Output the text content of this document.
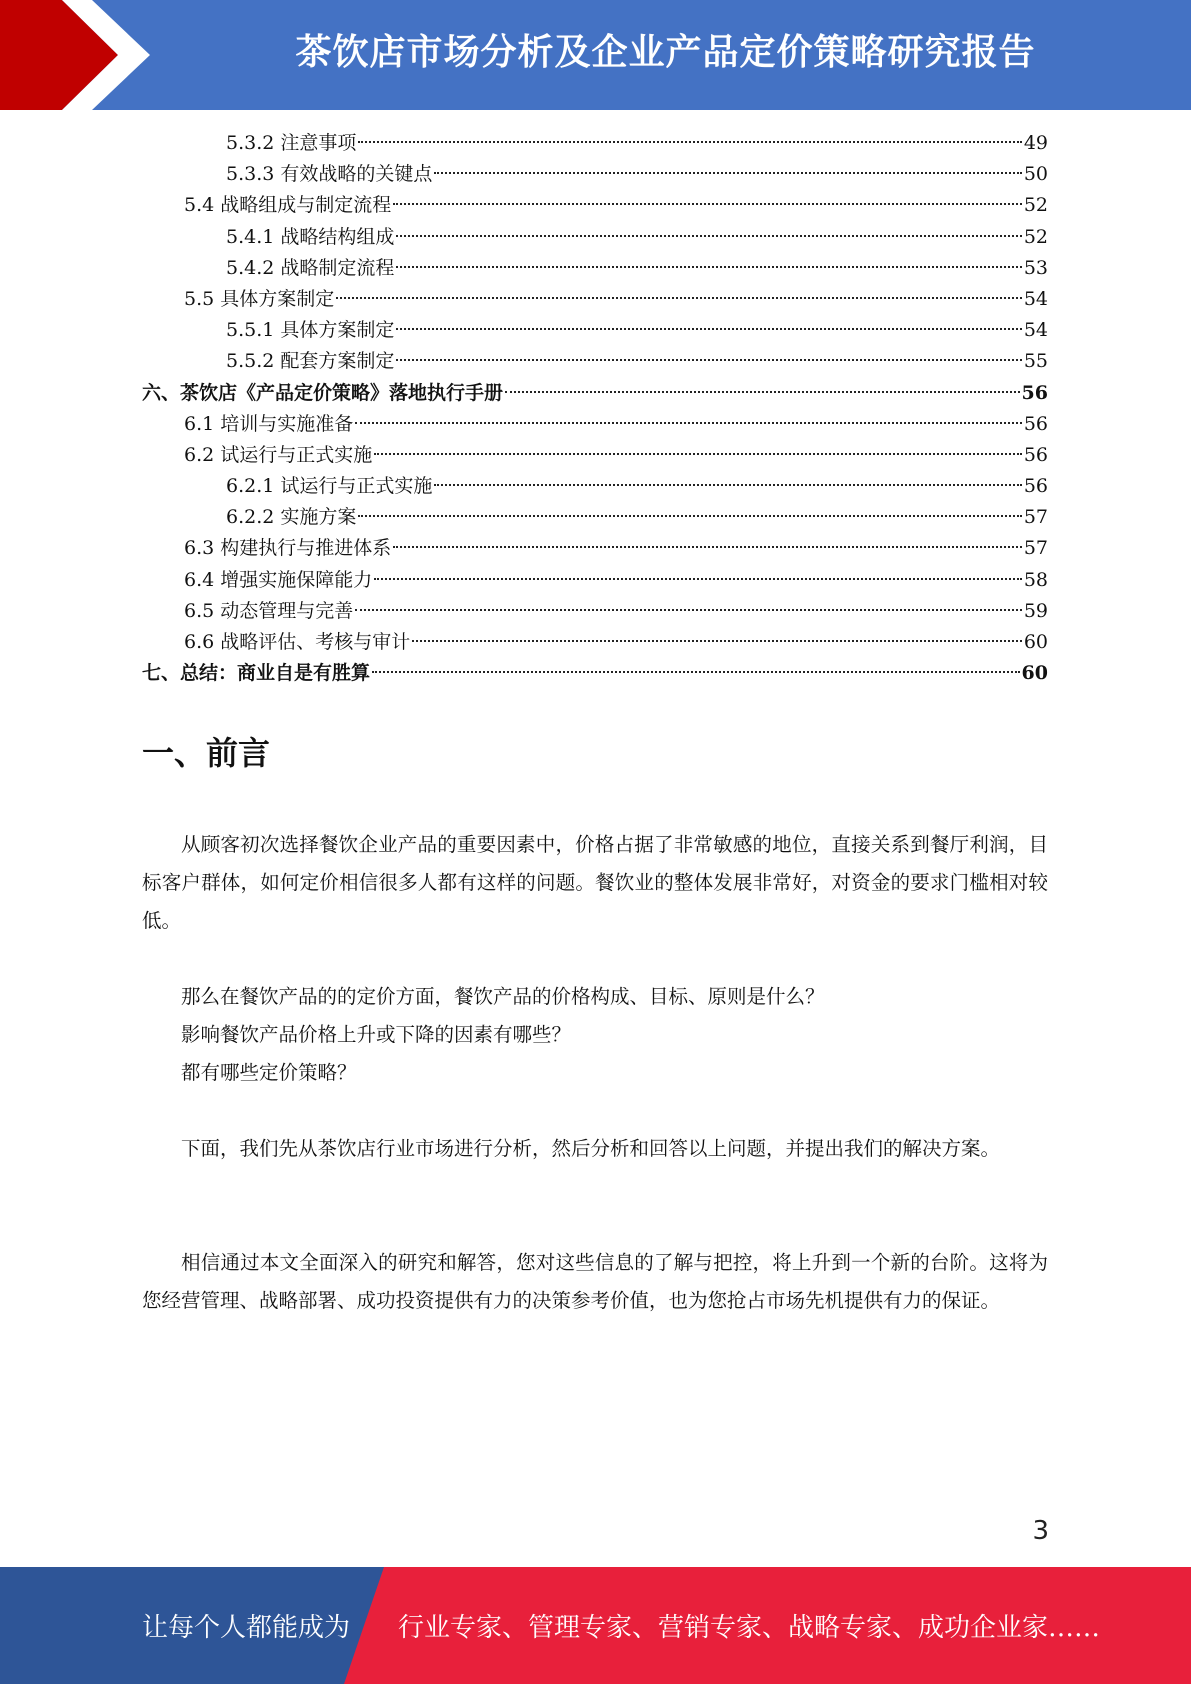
茶饮店市场分析及企业产品定价策略研究报告
5.3.2 注意事项	49
5.3.3 有效战略的关键点	50
5.4 战略组成与制定流程	52
5.4.1 战略结构组成	52
5.4.2 战略制定流程	53
5.5 具体方案制定	54
5.5.1 具体方案制定	54
5.5.2 配套方案制定	55
六、茶饮店《产品定价策略》落地执行手册	56
6.1 培训与实施准备	56
6.2 试运行与正式实施	56
6.2.1 试运行与正式实施	56
6.2.2 实施方案	57
6.3 构建执行与推进体系	57
6.4 增强实施保障能力	58
6.5 动态管理与完善	59
6.6 战略评估、考核与审计	60
七、总结：商业自是有胜算	60
一、前言

从顾客初次选择餐饮企业产品的重要因素中，价格占据了非常敏感的地位，直接关系到餐厅利润，目标客户群体，如何定价相信很多人都有这样的问题。餐饮业的整体发展非常好，对资金的要求门槛相对较低。

那么在餐饮产品的的定价方面，餐饮产品的价格构成、目标、原则是什么？

影响餐饮产品价格上升或下降的因素有哪些？

都有哪些定价策略？

下面，我们先从茶饮店行业市场进行分析，然后分析和回答以上问题，并提出我们的解决方案。

相信通过本文全面深入的研究和解答，您对这些信息的了解与把控，将上升到一个新的台阶。这将为您经营管理、战略部署、成功投资提供有力的决策参考价值，也为您抢占市场先机提供有力的保证。

3
让每个人都能成为 行业专家、管理专家、营销专家、战略专家、成功企业家……
